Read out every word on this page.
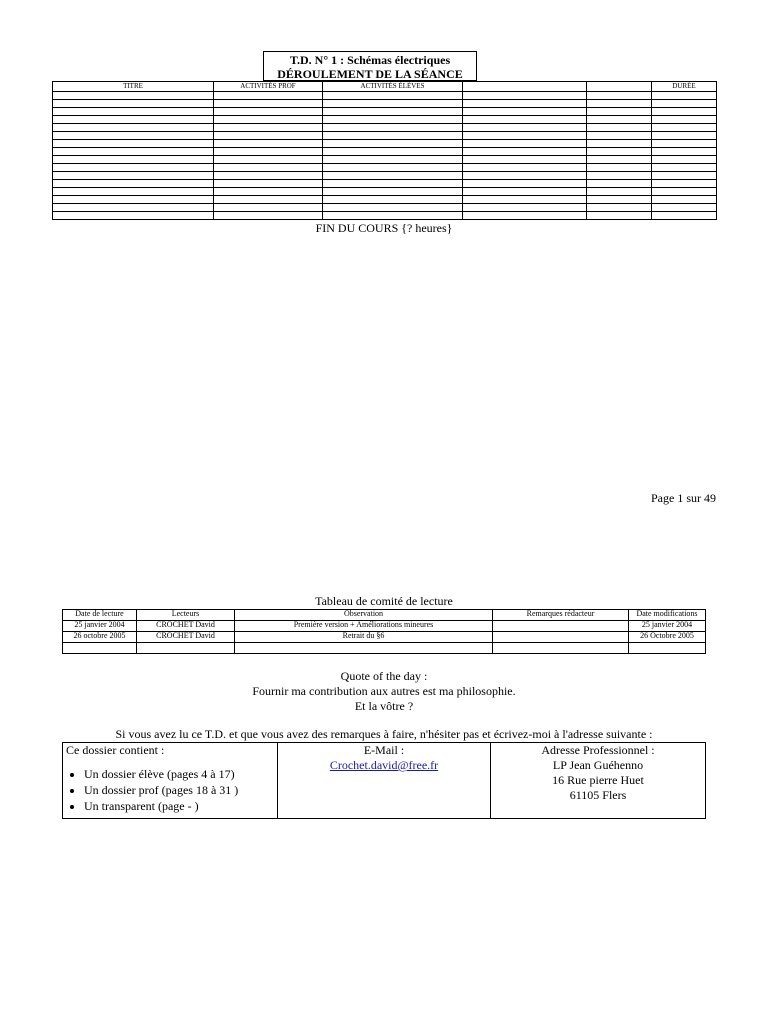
T.D. N° 1 : Schémas électriques
DÉROULEMENT DE LA SÉANCE
TITRE	ACTIVITÉS PROF	ACTIVITÉS ÉLÈVES			DURÉE

FIN DU COURS {? heures}
Page 1 sur 49
Tableau de comité de lecture
Date de lecture	Lecteurs	Observation	Remarques rédacteur	Date modifications
25 janvier 2004	CROCHET David	Première version + Améliorations mineures		25 janvier 2004
26 octobre 2005	CROCHET David	Retrait du §6		26 Octobre 2005

Quote of the day :
Fournir ma contribution aux autres est ma philosophie.
Et la vôtre ?
Si vous avez lu ce T.D. et que vous avez des remarques à faire, n'hésiter pas et écrivez-moi à l'adresse suivante :
Ce dossier contient :
• Un dossier élève (pages 4 à 17)
• Un dossier prof (pages 18 à 31 )
• Un transparent (page - )

E-Mail :
Crochet.david@free.fr	
Adresse Professionnel :
LP Jean Guéhenno
16 Rue pierre Huet
61105 Flers
